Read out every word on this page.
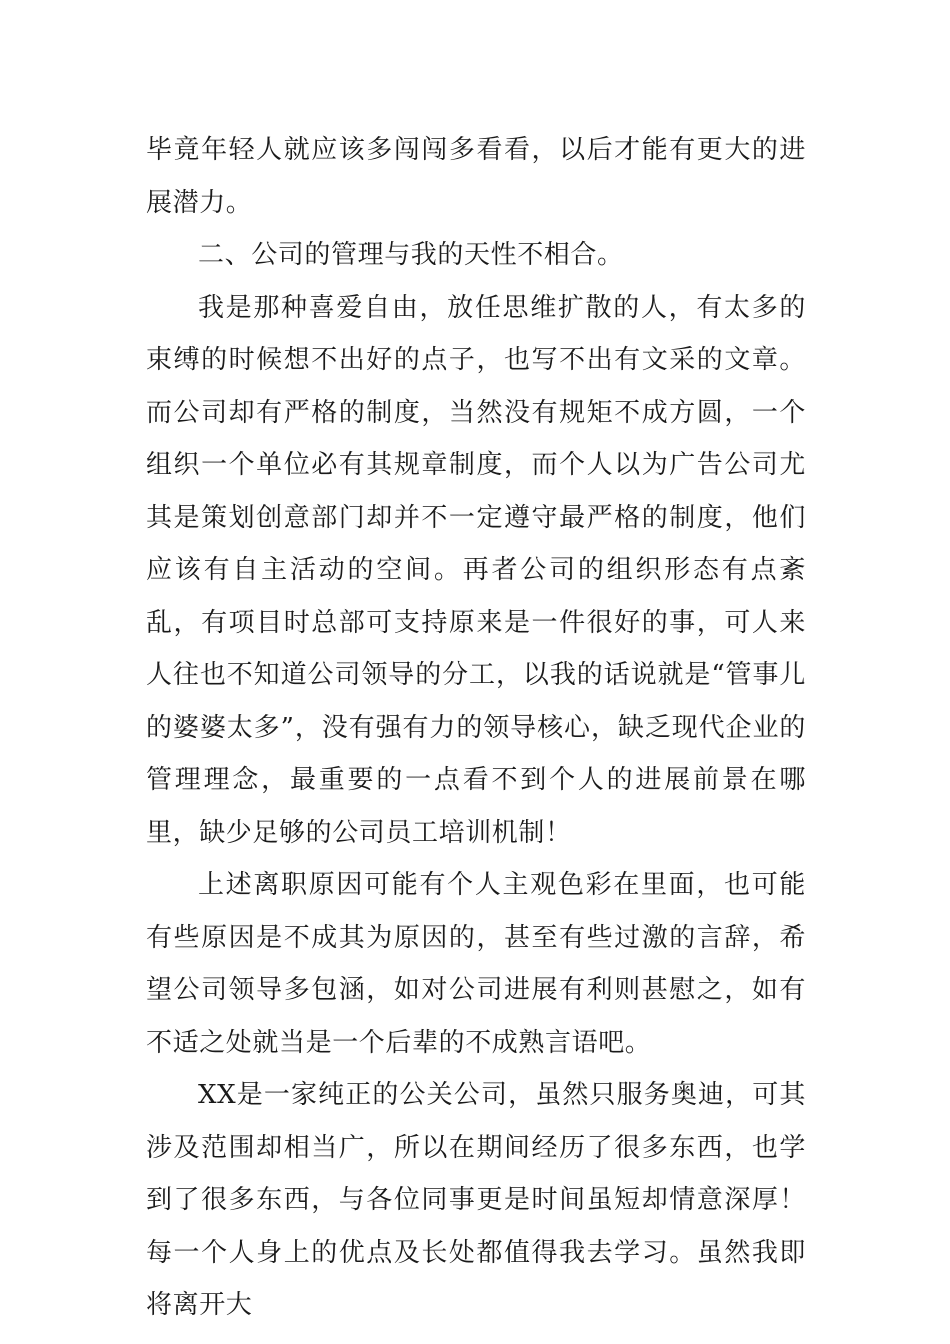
毕竟年轻人就应该多闯闯多看看，以后才能有更大的进展潜力。

二、公司的管理与我的天性不相合。

我是那种喜爱自由，放任思维扩散的人，有太多的束缚的时候想不出好的点子，也写不出有文采的文章。而公司却有严格的制度，当然没有规矩不成方圆，一个组织一个单位必有其规章制度，而个人以为广告公司尤其是策划创意部门却并不一定遵守最严格的制度，他们应该有自主活动的空间。再者公司的组织形态有点紊乱，有项目时总部可支持原来是一件很好的事，可人来人往也不知道公司领导的分工，以我的话说就是“管事儿的婆婆太多”，没有强有力的领导核心，缺乏现代企业的管理理念，最重要的一点看不到个人的进展前景在哪里，缺少足够的公司员工培训机制！

上述离职原因可能有个人主观色彩在里面，也可能有些原因是不成其为原因的，甚至有些过激的言辞，希望公司领导多包涵，如对公司进展有利则甚慰之，如有不适之处就当是一个后辈的不成熟言语吧。

XX是一家纯正的公关公司，虽然只服务奥迪，可其涉及范围却相当广，所以在期间经历了很多东西，也学到了很多东西，与各位同事更是时间虽短却情意深厚！每一个人身上的优点及长处都值得我去学习。虽然我即将离开大
